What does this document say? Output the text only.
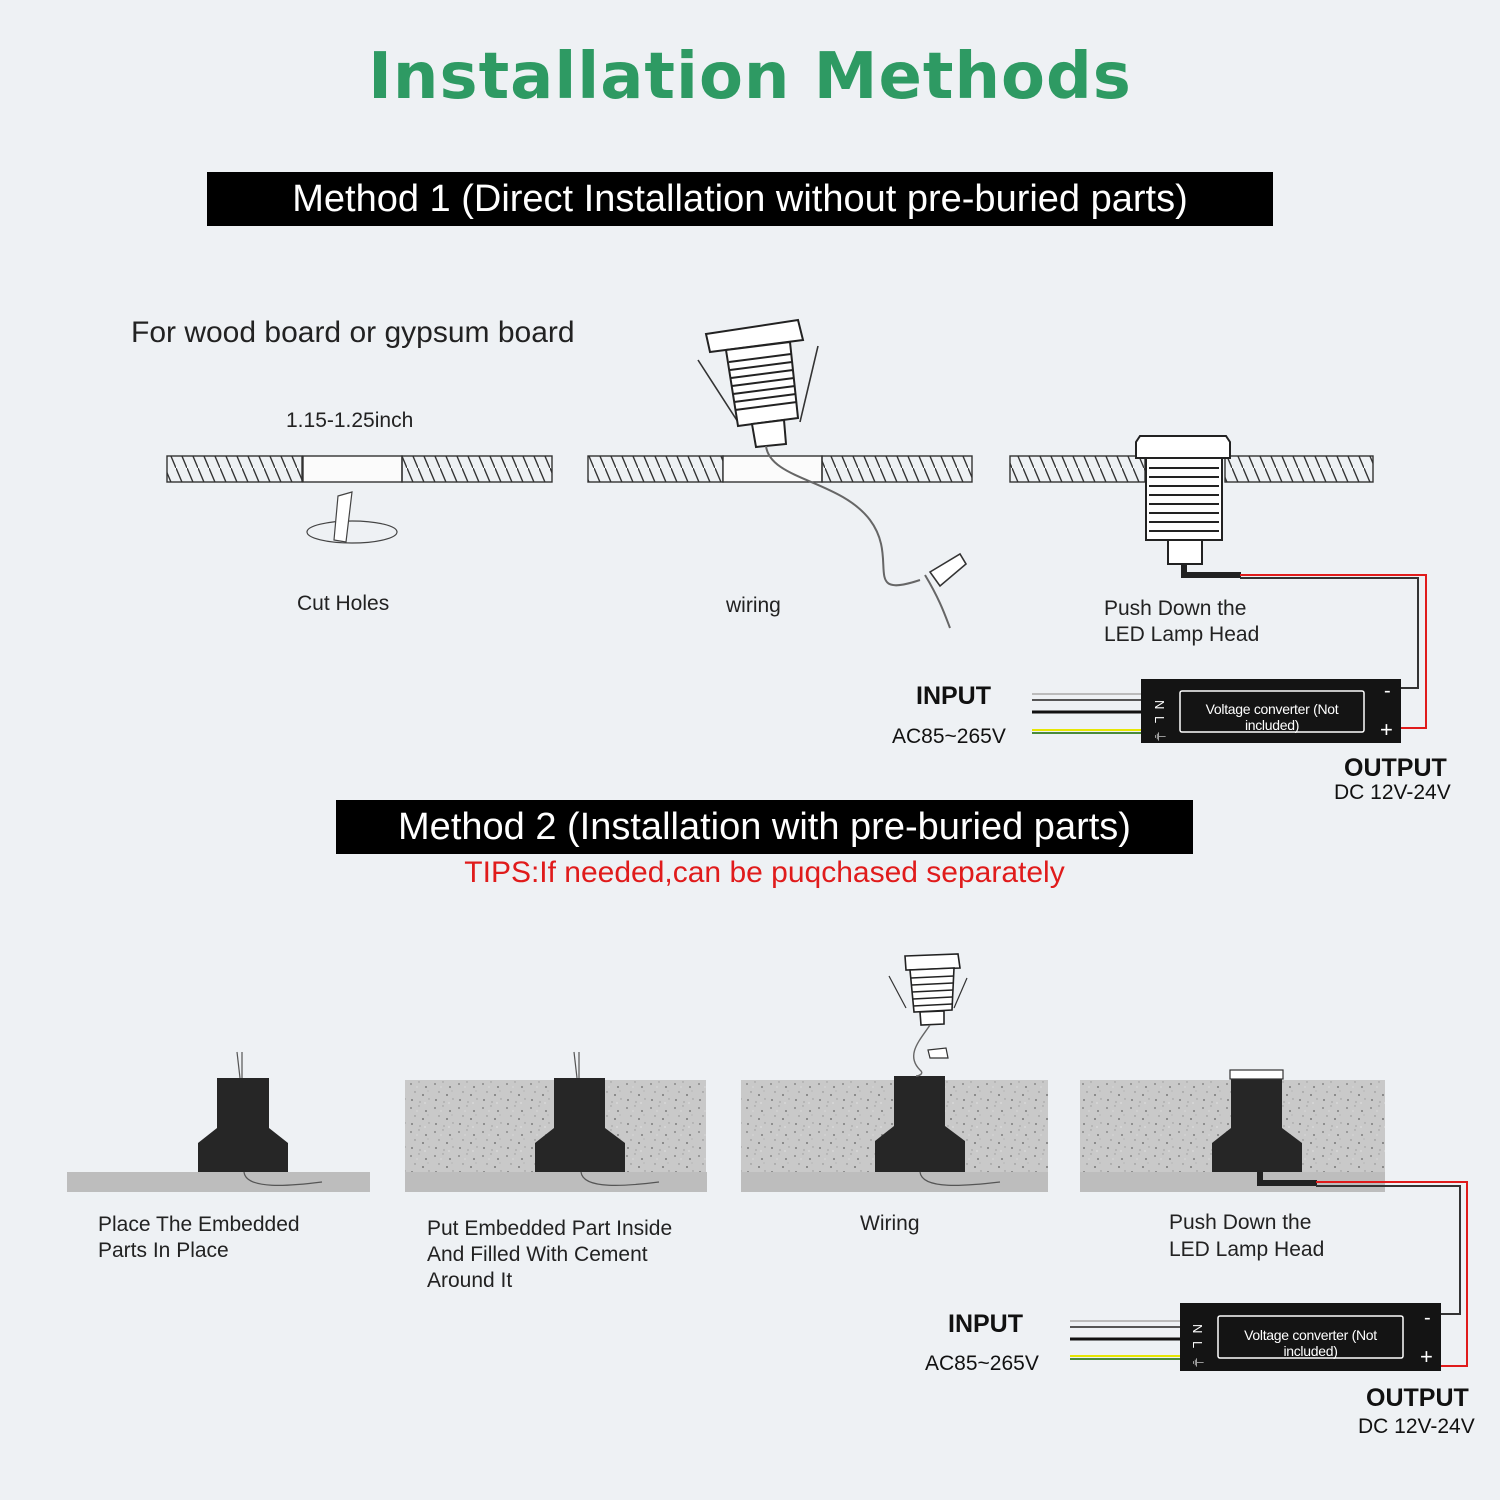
N
L
⏚
-
+
N
L
⏚
-
+
Installation Methods
Method 1 (Direct Installation without pre-buried parts)
For wood board or gypsum board
1.15-1.25inch
Cut Holes	wiring	Push Down the
LED Lamp Head
INPUT
AC85~265V
Voltage converter (Not included)
OUTPUT
DC 12V-24V
Method 2 (Installation with pre-buried parts)
TIPS:If needed,can be puqchased separately
Place The Embedded
Parts In Place
Put Embedded Part Inside
And Filled With Cement
Around It
Wiring	Push Down the
LED Lamp Head
INPUT
AC85~265V
Voltage converter (Not included)
OUTPUT
DC 12V-24V
